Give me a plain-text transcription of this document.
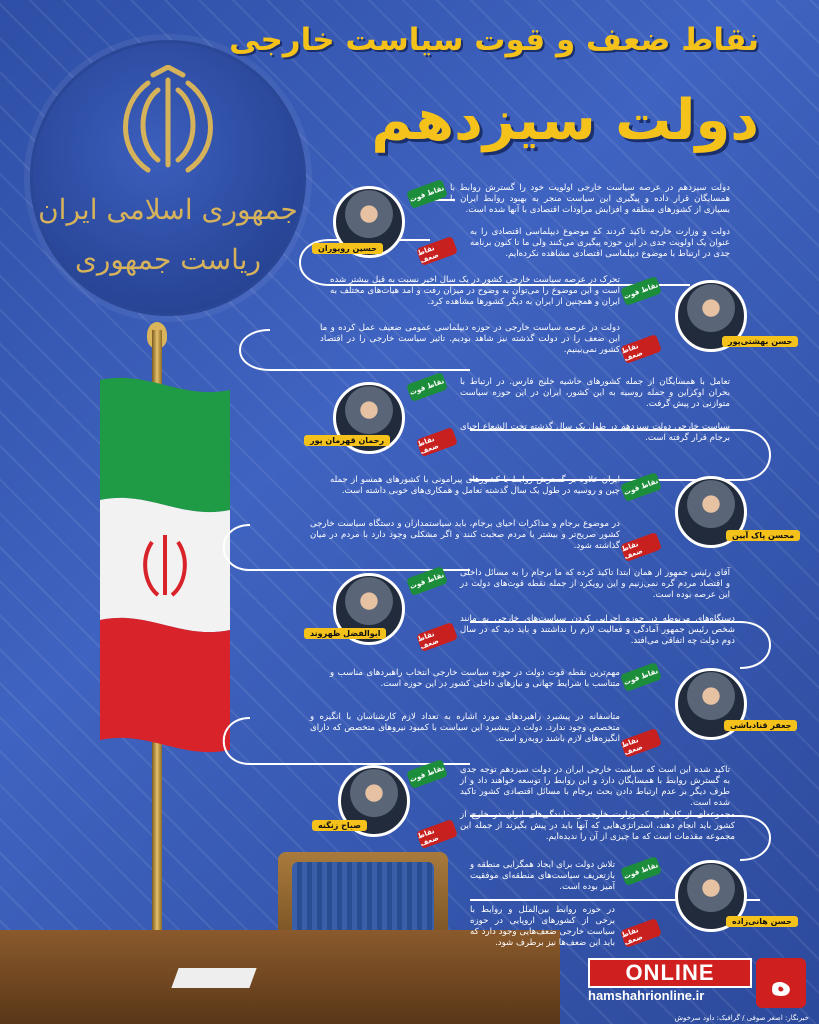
جمهوری اسلامی ایران
ریاست جمهوری
نقاط ضعف و قوت سیاست خارجی
دولت سیزدهم
حسین رویوران
نقاط قوت دولت سیزدهم در عرصه سیاست خارجی اولویت خود را گسترش روابط با همسایگان قرار داده و پیگیری این سیاست منجر به بهبود روابط ایران با بسیاری از کشورهای منطقه و افزایش مراودات اقتصادی با آنها شده است.
نقاط ضعف
دولت و وزارت خارجه تاکید کردند که موضوع دیپلماسی اقتصادی را به عنوان یک اولویت جدی در این حوزه پیگیری می‌کنند ولی ما تا کنون برنامه جدی در ارتباط با موضوع دیپلماسی اقتصادی مشاهده نکرده‌ایم.
حسن بهشتی‌پور
نقاط قوت
تحرک در عرصه سیاست خارجی کشور در یک سال اخیر نسبت به قبل بیشتر شده است و این موضوع را می‌توان به وضوح در میزان رفت و آمد هیات‌های مختلف به ایران و همچنین از ایران به دیگر کشورها مشاهده کرد.
نقاط ضعف
دولت در عرصه سیاست خارجی در حوزه دیپلماسی عمومی ضعیف عمل کرده و ما این ضعف را در دولت گذشته نیز شاهد بودیم. تاثیر سیاست خارجی را در اقتصاد کشور نمی‌بینیم.
رحمان قهرمان پور
نقاط قوت	تعامل با همسایگان از جمله کشورهای حاشیه خلیج فارس. در ارتباط با بحران اوکراین و حمله روسیه به این کشور، ایران در این حوزه سیاست متوازنی در پیش گرفت.
نقاط ضعف
سیاست خارجی دولت سیزدهم در طول یک سال گذشته تحت الشعاع احیای برجام قرار گرفته است.
محسن پاک آیین
نقاط قوت
ایران علاوه بر گسترش روابط با کشورهای پیرامونی با کشورهای همسو از جمله چین و روسیه در طول یک سال گذشته تعامل و همکاری‌های خوبی داشته است.
نقاط ضعف
در موضوع برجام و مذاکرات احیای برجام، باید سیاستمداران و دستگاه سیاست خارجی کشور صریح‌تر و بیشتر با مردم صحبت کنند و اگر مشکلی وجود دارد با مردم در میان گذاشته شود.
ابوالفضل ظهروند
نقاط قوت	آقای رئیس جمهور از همان ابتدا تاکید کرده که ما برجام را به مسائل داخلی و اقتصاد مردم گره نمی‌زنیم و این رویکرد از جمله نقطه قوت‌های دولت در این عرصه بوده است.
نقاط ضعف
دستگاه‌های مربوطه در حوزه اجرایی کردن سیاست‌های خارجی به مانند شخص رئیس جمهور آمادگی و فعالیت لازم را نداشتند و باید دید که در سال دوم دولت چه اتفاقی می‌افتد.
جعفر قنادباشی
نقاط قوت
مهم‌ترین نقطه قوت دولت در حوزه سیاست خارجی انتخاب راهبردهای مناسب و متناسب با شرایط جهانی و نیازهای داخلی کشور در این حوزه است.
نقاط ضعف
متاسفانه در پیشبرد راهبردهای مورد اشاره به تعداد لازم کارشناسان با انگیزه و متخصص وجود ندارد. دولت در پیشبرد این سیاست با کمبود نیروهای متخصص که دارای انگیزه‌های لازم باشند روبه‌رو است.
صباح زنگنه
نقاط قوت	تاکید شده این است که سیاست خارجی ایران در دولت سیزدهم توجه جدی به گسترش روابط با همسایگان دارد و این روابط را توسعه خواهند داد و از طرف دیگر بر عدم ارتباط دادن بحث برجام با مسائل اقتصادی کشور تاکید شده است.
نقاط ضعف
مجموعه‌ای از کارهایی که وزارت خارجه و نمایندگی‌های ایران در خارج از کشور باید انجام دهند، استراتژی‌هایی که آنها باید در پیش بگیرند از جمله این مجموعه مقدمات است که ما چیزی از آن را ندیده‌ایم.
حسن هانی‌زاده
نقاط قوت
تلاش دولت برای ایجاد همگرایی منطقه و بازتعریف سیاست‌های منطقه‌ای موفقیت آمیز بوده است.
نقاط ضعف
در حوزه روابط بین‌الملل و روابط با برخی از کشورهای اروپایی در حوزه سیاست خارجی ضعف‌هایی وجود دارد که باید این ضعف‌ها نیز برطرف شود.
ONLINE
hamshahrionline.ir	ه
خبرنگار: اصغر صوفی / گرافیک: داود سرخوش
